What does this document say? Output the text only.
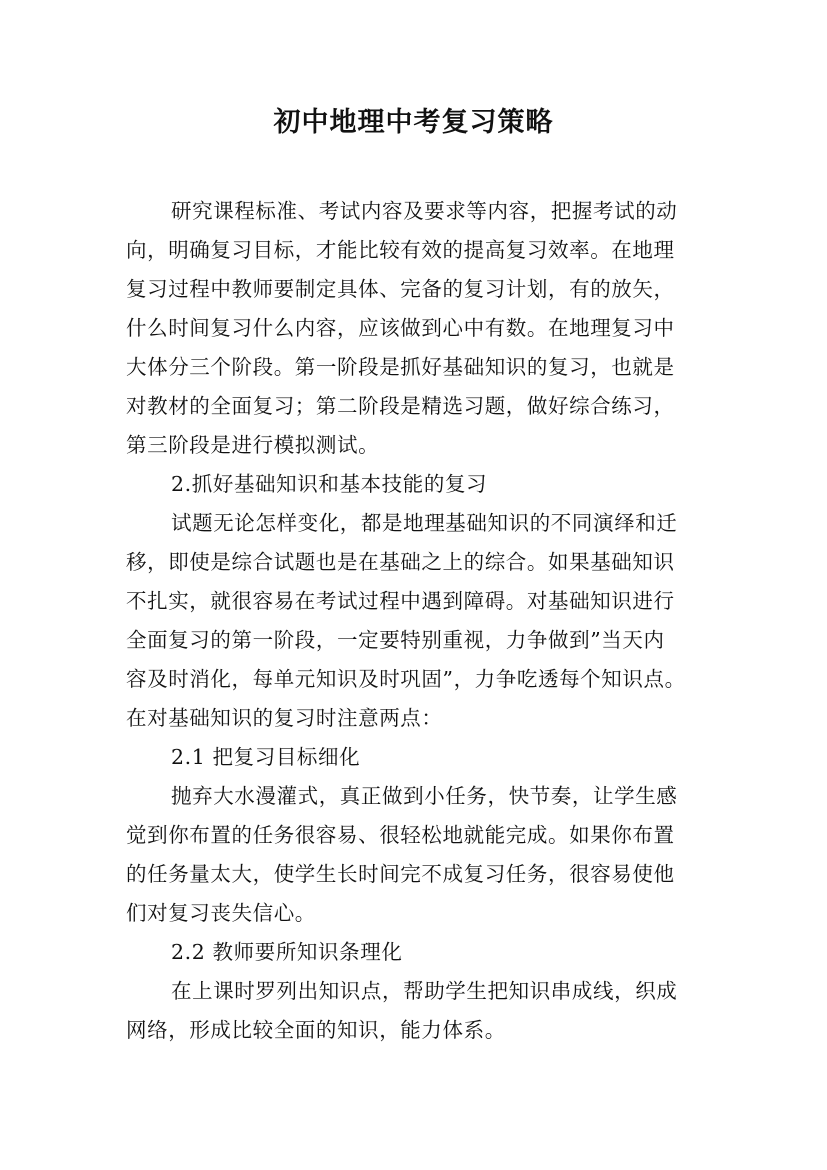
初中地理中考复习策略
研究课程标准、考试内容及要求等内容，把握考试的动
向，明确复习目标，才能比较有效的提高复习效率。在地理
复习过程中教师要制定具体、完备的复习计划，有的放矢，
什么时间复习什么内容，应该做到心中有数。在地理复习中
大体分三个阶段。第一阶段是抓好基础知识的复习，也就是
对教材的全面复习；第二阶段是精选习题，做好综合练习，
第三阶段是进行模拟测试。
2.抓好基础知识和基本技能的复习
试题无论怎样变化，都是地理基础知识的不同演绎和迁
移，即使是综合试题也是在基础之上的综合。如果基础知识
不扎实，就很容易在考试过程中遇到障碍。对基础知识进行
全面复习的第一阶段，一定要特别重视，力争做到”当天内
容及时消化，每单元知识及时巩固”，力争吃透每个知识点。
在对基础知识的复习时注意两点：
2.1 把复习目标细化
抛弃大水漫灌式，真正做到小任务，快节奏，让学生感
觉到你布置的任务很容易、很轻松地就能完成。如果你布置
的任务量太大，使学生长时间完不成复习任务，很容易使他
们对复习丧失信心。
2.2 教师要所知识条理化
在上课时罗列出知识点，帮助学生把知识串成线，织成
网络，形成比较全面的知识，能力体系。
